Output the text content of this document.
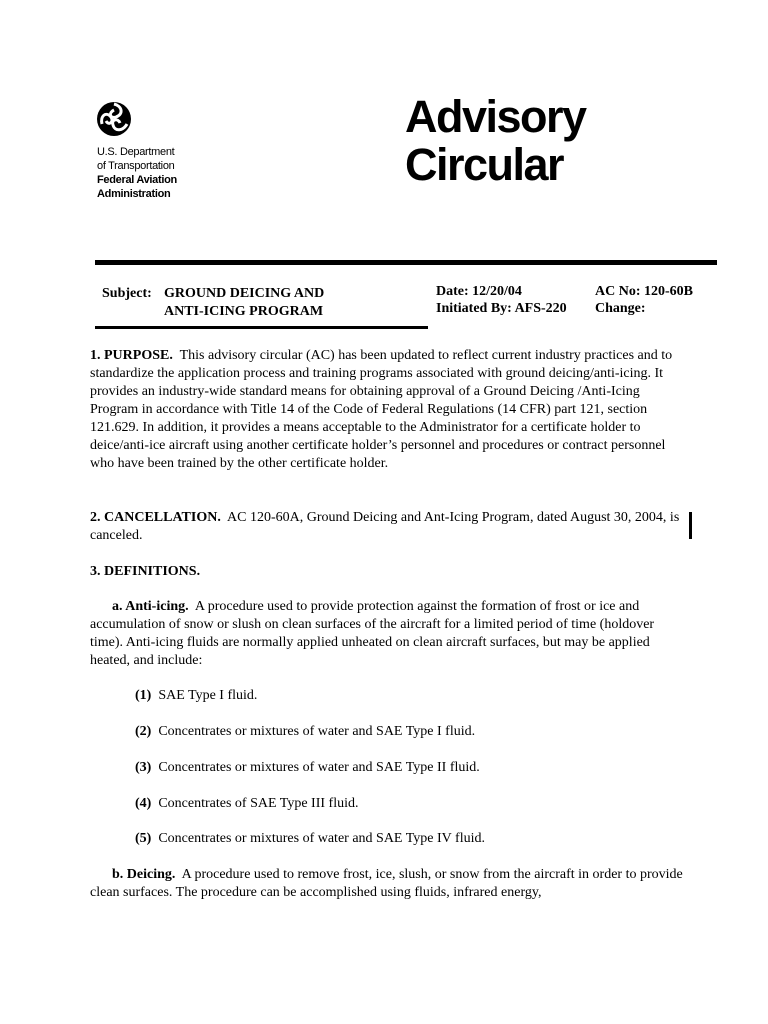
U.S. Department
of Transportation
Federal Aviation
Administration
Advisory
Circular
Subject: GROUND DEICING AND
ANTI-ICING PROGRAM
Date: 12/20/04
Initiated By: AFS-220
AC No: 120-60B
Change:
1. PURPOSE. This advisory circular (AC) has been updated to reflect current industry practices and to standardize the application process and training programs associated with ground deicing/anti-icing. It provides an industry-wide standard means for obtaining approval of a Ground Deicing /Anti-Icing Program in accordance with Title 14 of the Code of Federal Regulations (14 CFR) part 121, section 121.629. In addition, it provides a means acceptable to the Administrator for a certificate holder to deice/anti-ice aircraft using another certificate holder’s personnel and procedures or contract personnel who have been trained by the other certificate holder.
2. CANCELLATION. AC 120-60A, Ground Deicing and Ant-Icing Program, dated August 30, 2004, is canceled.
3. DEFINITIONS.
a. Anti-icing. A procedure used to provide protection against the formation of frost or ice and accumulation of snow or slush on clean surfaces of the aircraft for a limited period of time (holdover time). Anti-icing fluids are normally applied unheated on clean aircraft surfaces, but may be applied heated, and include:
(1) SAE Type I fluid.
(2) Concentrates or mixtures of water and SAE Type I fluid.
(3) Concentrates or mixtures of water and SAE Type II fluid.
(4) Concentrates of SAE Type III fluid.
(5) Concentrates or mixtures of water and SAE Type IV fluid.
b. Deicing. A procedure used to remove frost, ice, slush, or snow from the aircraft in order to provide clean surfaces. The procedure can be accomplished using fluids, infrared energy,
